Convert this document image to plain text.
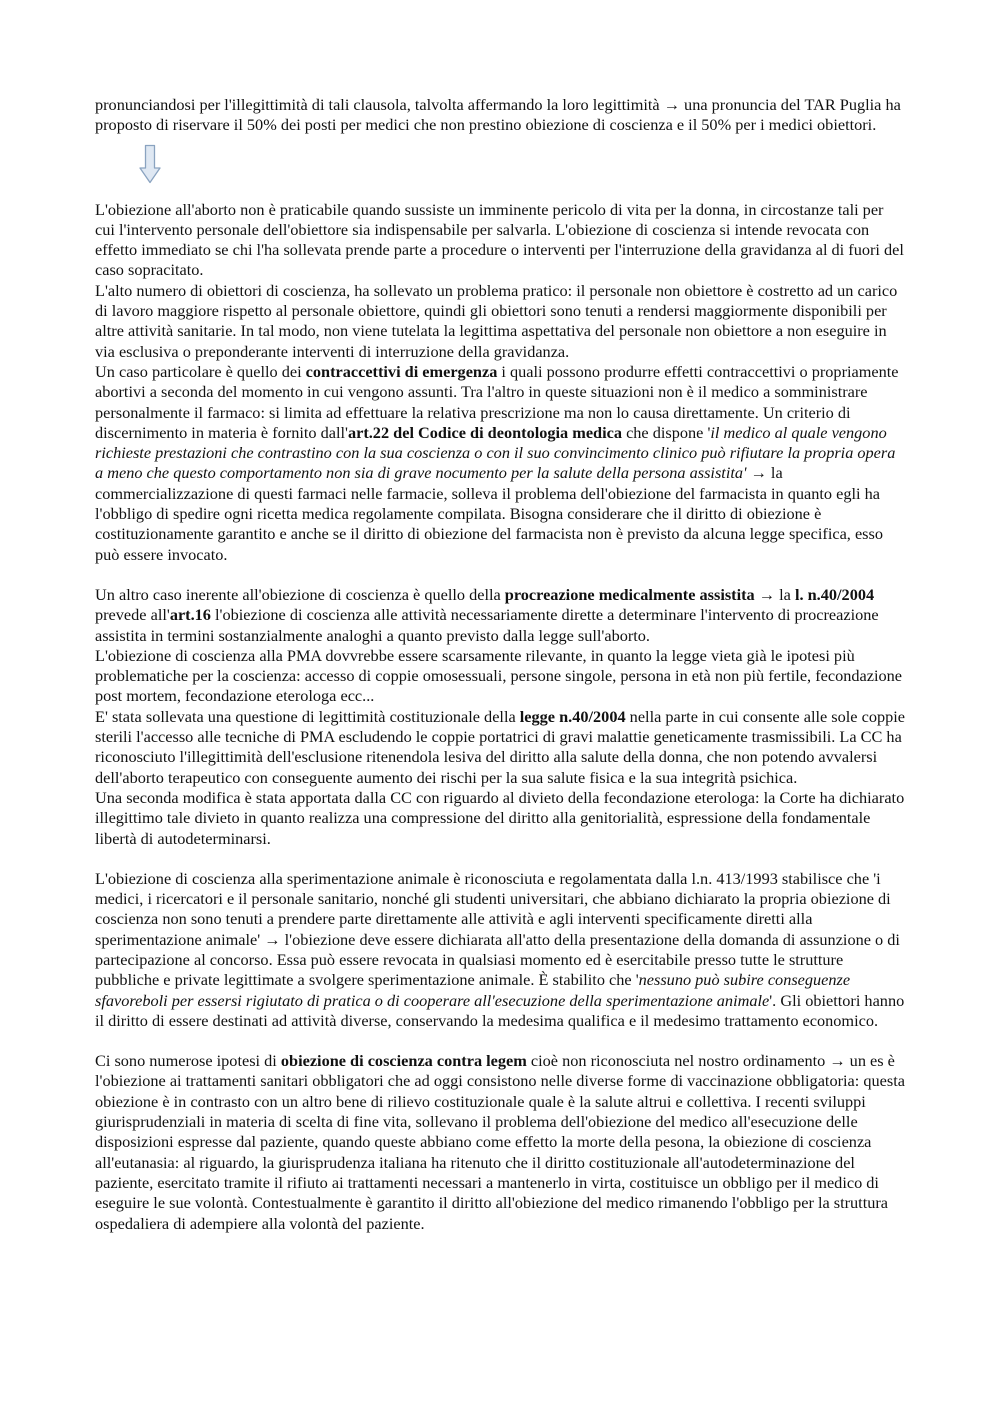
pronunciandosi per l'illegittimità di tali clausola, talvolta affermando la loro legittimità → una pronuncia del TAR Puglia ha proposto di riservare il 50% dei posti per medici che non prestino obiezione di coscienza e il 50% per i medici obiettori.

L'obiezione all'aborto non è praticabile quando sussiste un imminente pericolo di vita per la donna, in circostanze tali per cui l'intervento personale dell'obiettore sia indispensabile per salvarla. L'obiezione di coscienza si intende revocata con effetto immediato se chi l'ha sollevata prende parte a procedure o interventi per l'interruzione della gravidanza al di fuori del caso sopracitato.

L'alto numero di obiettori di coscienza, ha sollevato un problema pratico: il personale non obiettore è costretto ad un carico di lavoro maggiore rispetto al personale obiettore, quindi gli obiettori sono tenuti a rendersi maggiormente disponibili per altre attività sanitarie. In tal modo, non viene tutelata la legittima aspettativa del personale non obiettore a non eseguire in via esclusiva o preponderante interventi di interruzione della gravidanza.

Un caso particolare è quello dei contraccettivi di emergenza i quali possono produrre effetti contraccettivi o propriamente abortivi a seconda del momento in cui vengono assunti. Tra l'altro in queste situazioni non è il medico a somministrare personalmente il farmaco: si limita ad effettuare la relativa prescrizione ma non lo causa direttamente. Un criterio di discernimento in materia è fornito dall'art.22 del Codice di deontologia medica che dispone 'il medico al quale vengono richieste prestazioni che contrastino con la sua coscienza o con il suo convincimento clinico può rifiutare la propria opera a meno che questo comportamento non sia di grave nocumento per la salute della persona assistita' → la commercializzazione di questi farmaci nelle farmacie, solleva il problema dell'obiezione del farmacista in quanto egli ha l'obbligo di spedire ogni ricetta medica regolamente compilata. Bisogna considerare che il diritto di obiezione è costituzionamente garantito e anche se il diritto di obiezione del farmacista non è previsto da alcuna legge specifica, esso può essere invocato.

Un altro caso inerente all'obiezione di coscienza è quello della procreazione medicalmente assistita → la l. n.40/2004 prevede all'art.16 l'obiezione di coscienza alle attività necessariamente dirette a determinare l'intervento di procreazione assistita in termini sostanzialmente analoghi a quanto previsto dalla legge sull'aborto.

L'obiezione di coscienza alla PMA dovvrebbe essere scarsamente rilevante, in quanto la legge vieta già le ipotesi più problematiche per la coscienza: accesso di coppie omosessuali, persone singole, persona in età non più fertile, fecondazione post mortem, fecondazione eterologa ecc...

E' stata sollevata una questione di legittimità costituzionale della legge n.40/2004 nella parte in cui consente alle sole coppie sterili l'accesso alle tecniche di PMA escludendo le coppie portatrici di gravi malattie geneticamente trasmissibili. La CC ha riconosciuto l'illegittimità dell'esclusione ritenendola lesiva del diritto alla salute della donna, che non potendo avvalersi dell'aborto terapeutico con conseguente aumento dei rischi per la sua salute fisica e la sua integrità psichica.

Una seconda modifica è stata apportata dalla CC con riguardo al divieto della fecondazione eterologa: la Corte ha dichiarato illegittimo tale divieto in quanto realizza una compressione del diritto alla genitorialità, espressione della fondamentale libertà di autodeterminarsi.

L'obiezione di coscienza alla sperimentazione animale è riconosciuta e regolamentata dalla l.n. 413/1993 stabilisce che 'i medici, i ricercatori e il personale sanitario, nonché gli studenti universitari, che abbiano dichiarato la propria obiezione di coscienza non sono tenuti a prendere parte direttamente alle attività e agli interventi specificamente diretti alla sperimentazione animale' → l'obiezione deve essere dichiarata all'atto della presentazione della domanda di assunzione o di partecipazione al concorso. Essa può essere revocata in qualsiasi momento ed è esercitabile presso tutte le strutture pubbliche e private legittimate a svolgere sperimentazione animale. È stabilito che 'nessuno può subire conseguenze sfavoreboli per essersi rigiutato di pratica o di cooperare all'esecuzione della sperimentazione animale'. Gli obiettori hanno il diritto di essere destinati ad attività diverse, conservando la medesima qualifica e il medesimo trattamento economico.

Ci sono numerose ipotesi di obiezione di coscienza contra legem cioè non riconosciuta nel nostro ordinamento → un es è l'obiezione ai trattamenti sanitari obbligatori che ad oggi consistono nelle diverse forme di vaccinazione obbligatoria: questa obiezione è in contrasto con un altro bene di rilievo costituzionale quale è la salute altrui e collettiva. I recenti sviluppi giurisprudenziali in materia di scelta di fine vita, sollevano il problema dell'obiezione del medico all'esecuzione delle disposizioni espresse dal paziente, quando queste abbiano come effetto la morte della pesona, la obiezione di coscienza all'eutanasia: al riguardo, la giurisprudenza italiana ha ritenuto che il diritto costituzionale all'autodeterminazione del paziente, esercitato tramite il rifiuto ai trattamenti necessari a mantenerlo in virta, costituisce un obbligo per il medico di eseguire le sue volontà. Contestualmente è garantito il diritto all'obiezione del medico rimanendo l'obbligo per la struttura ospedaliera di adempiere alla volontà del paziente.
